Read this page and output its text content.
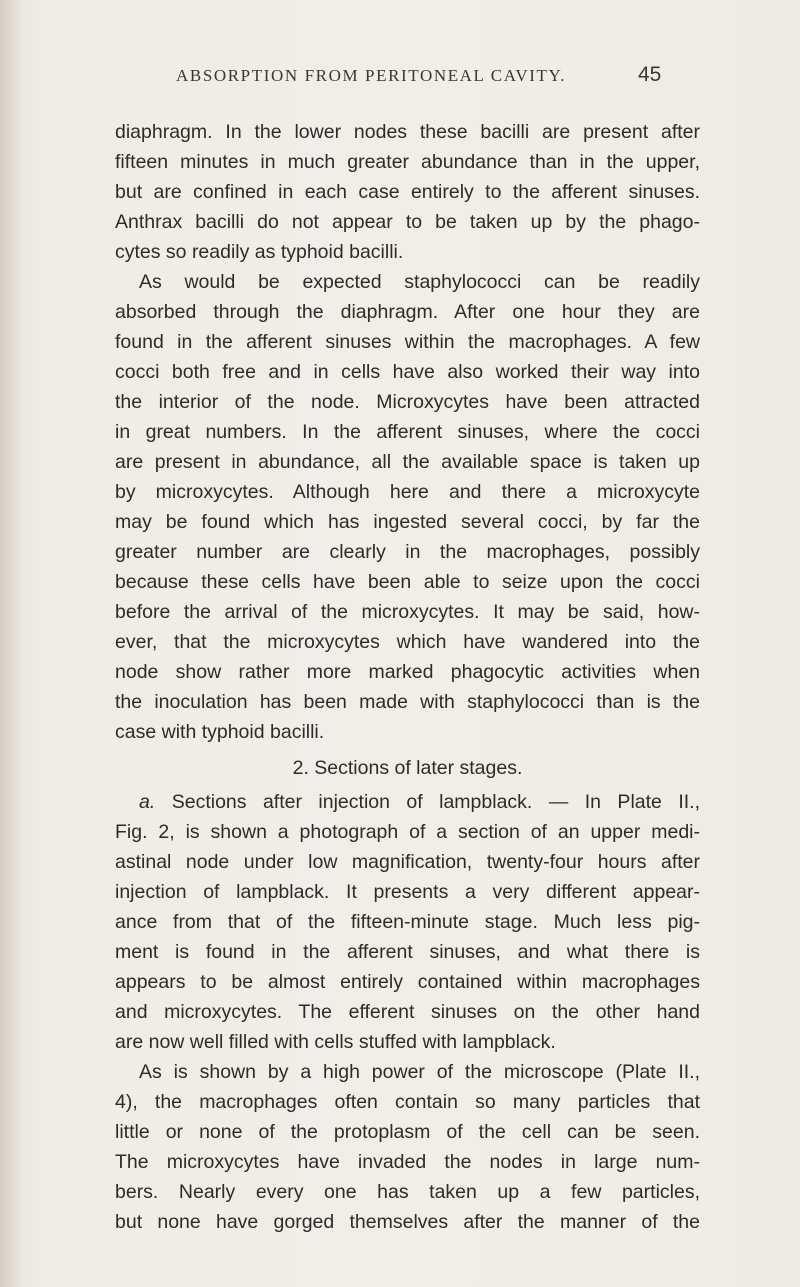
ABSORPTION FROM PERITONEAL CAVITY.	45
diaphragm. In the lower nodes these bacilli are present after
fifteen minutes in much greater abundance than in the upper,
but are confined in each case entirely to the afferent sinuses.
Anthrax bacilli do not appear to be taken up by the phago-
cytes so readily as typhoid bacilli.
As would be expected staphylococci can be readily
absorbed through the diaphragm. After one hour they are
found in the afferent sinuses within the macrophages. A few
cocci both free and in cells have also worked their way into
the interior of the node. Microxycytes have been attracted
in great numbers. In the afferent sinuses, where the cocci
are present in abundance, all the available space is taken up
by microxycytes. Although here and there a microxycyte
may be found which has ingested several cocci, by far the
greater number are clearly in the macrophages, possibly
because these cells have been able to seize upon the cocci
before the arrival of the microxycytes. It may be said, how-
ever, that the microxycytes which have wandered into the
node show rather more marked phagocytic activities when
the inoculation has been made with staphylococci than is the
case with typhoid bacilli.
2. Sections of later stages.
a. Sections after injection of lampblack. — In Plate II.,
Fig. 2, is shown a photograph of a section of an upper medi-
astinal node under low magnification, twenty-four hours after
injection of lampblack. It presents a very different appear-
ance from that of the fifteen-minute stage. Much less pig-
ment is found in the afferent sinuses, and what there is
appears to be almost entirely contained within macrophages
and microxycytes. The efferent sinuses on the other hand
are now well filled with cells stuffed with lampblack.
As is shown by a high power of the microscope (Plate II.,
4), the macrophages often contain so many particles that
little or none of the protoplasm of the cell can be seen.
The microxycytes have invaded the nodes in large num-
bers. Nearly every one has taken up a few particles,
but none have gorged themselves after the manner of the
